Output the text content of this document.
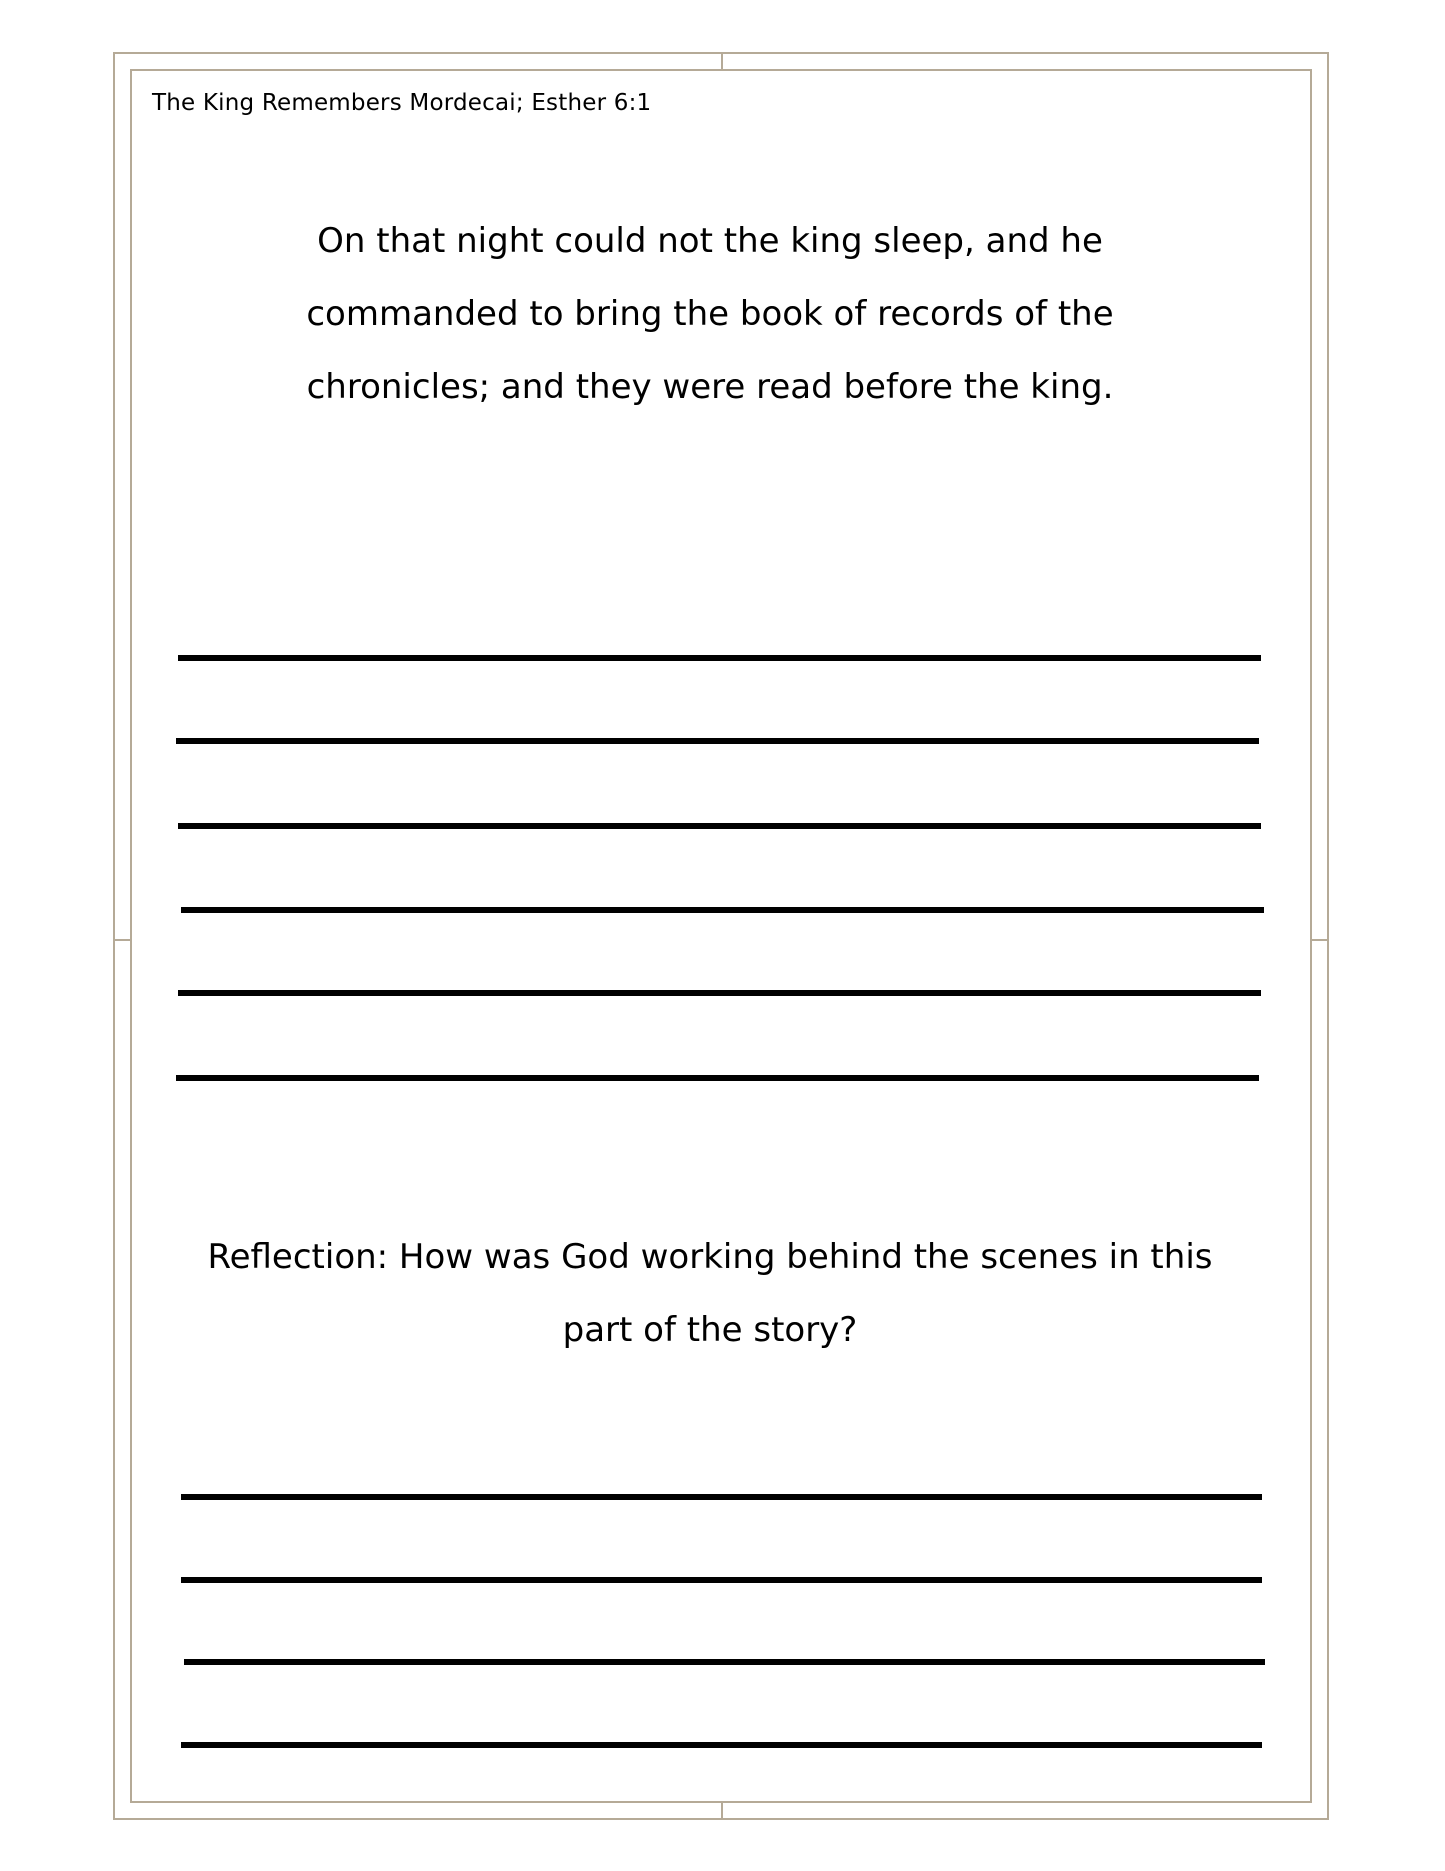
The King Remembers Mordecai; Esther 6:1
On that night could not the king sleep, and he
commanded to bring the book of records of the
chronicles; and they were read before the king.
Reflection: How was God working behind the scenes in this
part of the story?
